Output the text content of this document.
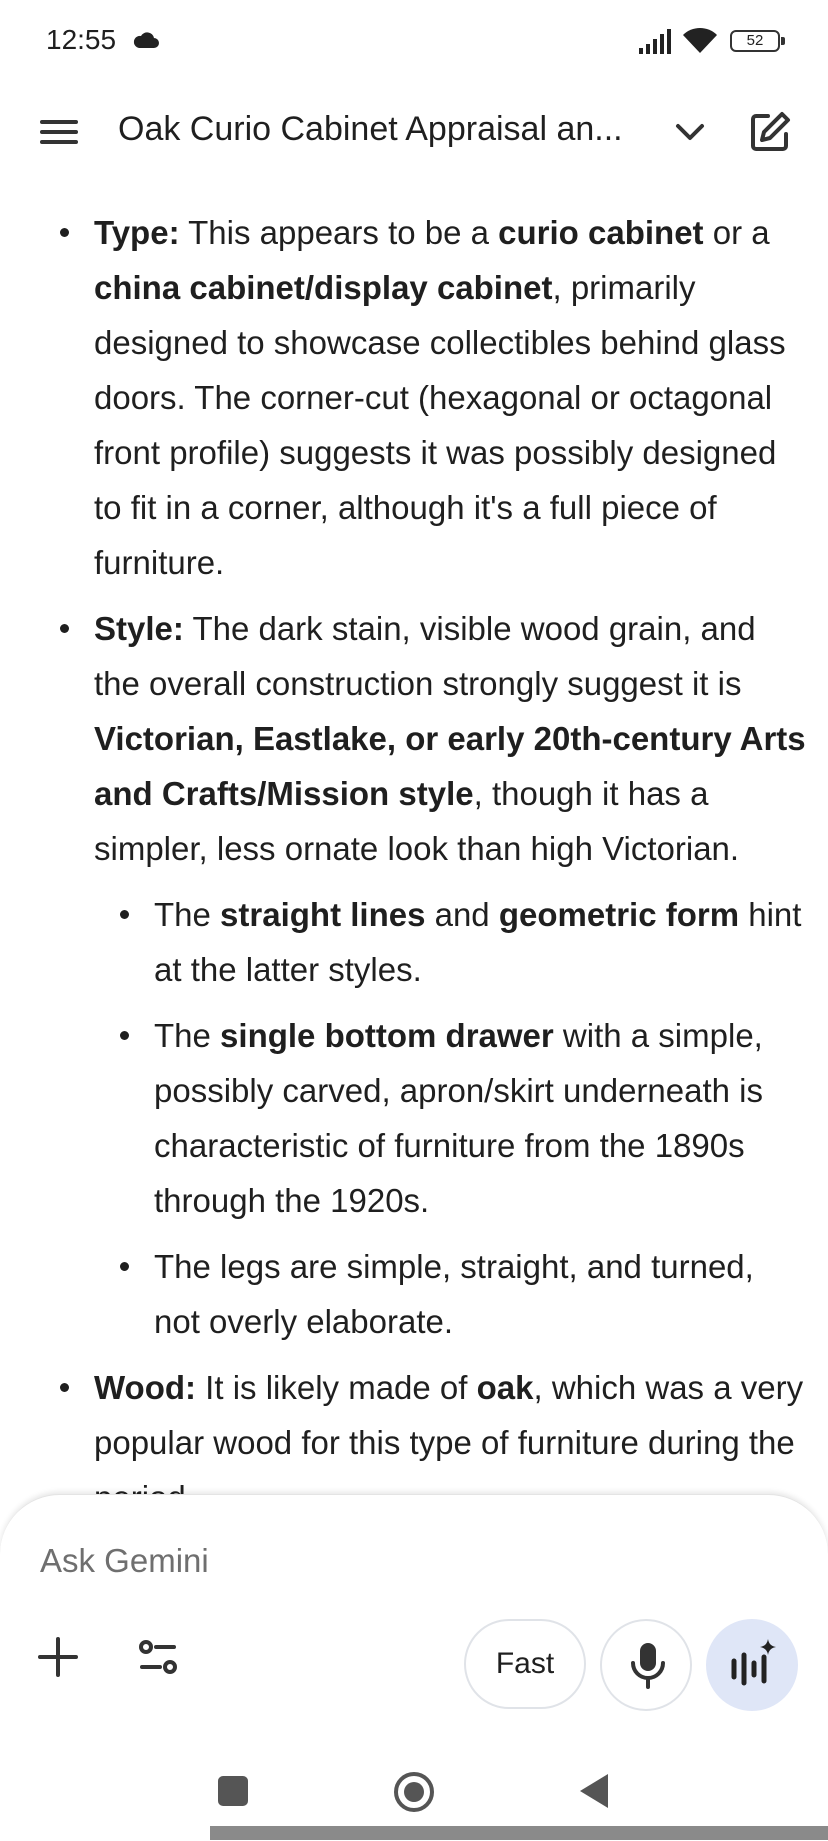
12:55	52
Oak Curio Cabinet Appraisal an...
Type: This appears to be a curio cabinet or a china cabinet/display cabinet, primarily designed to showcase collectibles behind glass doors. The corner-cut (hexagonal or octagonal front profile) suggests it was possibly designed to fit in a corner, although it's a full piece of furniture.
Style: The dark stain, visible wood grain, and the overall construction strongly suggest it is Victorian, Eastlake, or early 20th-century Arts and Crafts/Mission style, though it has a simpler, less ornate look than high Victorian.
The straight lines and geometric form hint at the latter styles.
The single bottom drawer with a simple, possibly carved, apron/skirt underneath is characteristic of furniture from the 1890s through the 1920s.
The legs are simple, straight, and turned, not overly elaborate.
Wood: It is likely made of oak, which was a very popular wood for this type of furniture during the
Ask Gemini
Fast
